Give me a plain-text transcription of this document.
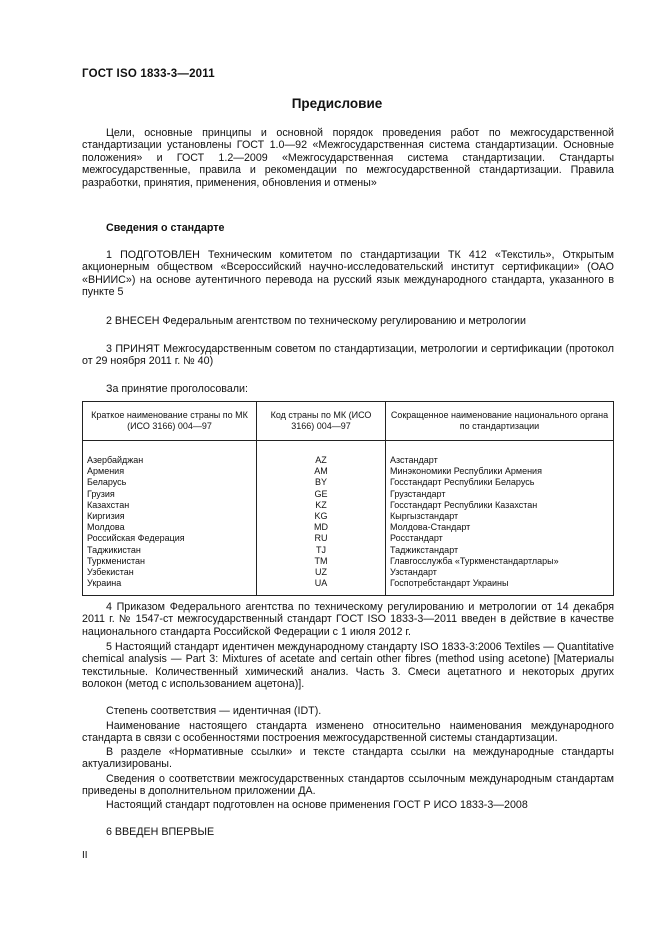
ГОСТ ISO 1833-3—2011
Предисловие
Цели, основные принципы и основной порядок проведения работ по межгосударственной стандартизации установлены ГОСТ 1.0—92 «Межгосударственная система стандартизации. Основные положения» и ГОСТ 1.2—2009 «Межгосударственная система стандартизации. Стандарты межгосударственные, правила и рекомендации по межгосударственной стандартизации. Правила разработки, принятия, применения, обновления и отмены»
Сведения о стандарте
1 ПОДГОТОВЛЕН Техническим комитетом по стандартизации ТК 412 «Текстиль», Открытым акционерным обществом «Всероссийский научно-исследовательский институт сертификации» (ОАО «ВНИИС») на основе аутентичного перевода на русский язык международного стандарта, указанного в пункте 5
2 ВНЕСЕН Федеральным агентством по техническому регулированию и метрологии
3 ПРИНЯТ Межгосударственным советом по стандартизации, метрологии и сертификации (протокол от 29 ноября 2011 г. № 40)
За принятие проголосовали:
Краткое наименование страны по МК (ИСО 3166) 004—97	Код страны по МК (ИСО 3166) 004—97	Сокращенное наименование национального органа по стандартизации
Азербайджан	AZ	Азстандарт
Армения	AM	Минэкономики Республики Армения
Беларусь	BY	Госстандарт Республики Беларусь
Грузия	GE	Грузстандарт
Казахстан	KZ	Госстандарт Республики Казахстан
Киргизия	KG	Кыргызстандарт
Молдова	MD	Молдова-Стандарт
Российская Федерация	RU	Росстандарт
Таджикистан	TJ	Таджикстандарт
Туркменистан	TM	Главгосслужба «Туркменстандартлары»
Узбекистан	UZ	Узстандарт
Украина	UA	Госпотребстандарт Украины
4 Приказом Федерального агентства по техническому регулированию и метрологии от 14 декабря 2011 г. № 1547-ст межгосударственный стандарт ГОСТ ISO 1833-3—2011 введен в действие в качестве национального стандарта Российской Федерации с 1 июля 2012 г.
5 Настоящий стандарт идентичен международному стандарту ISO 1833-3:2006 Textiles — Quantitative chemical analysis — Part 3: Mixtures of acetate and certain other fibres (method using acetone) [Материалы текстильные. Количественный химический анализ. Часть 3. Смеси ацетатного и некоторых других волокон (метод с использованием ацетона)].
Степень соответствия — идентичная (IDT).
Наименование настоящего стандарта изменено относительно наименования международного стандарта в связи с особенностями построения межгосударственной системы стандартизации.
В разделе «Нормативные ссылки» и тексте стандарта ссылки на международные стандарты актуализированы.
Сведения о соответствии межгосударственных стандартов ссылочным международным стандартам приведены в дополнительном приложении ДА.
Настоящий стандарт подготовлен на основе применения ГОСТ Р ИСО 1833-3—2008
6 ВВЕДЕН ВПЕРВЫЕ
II
